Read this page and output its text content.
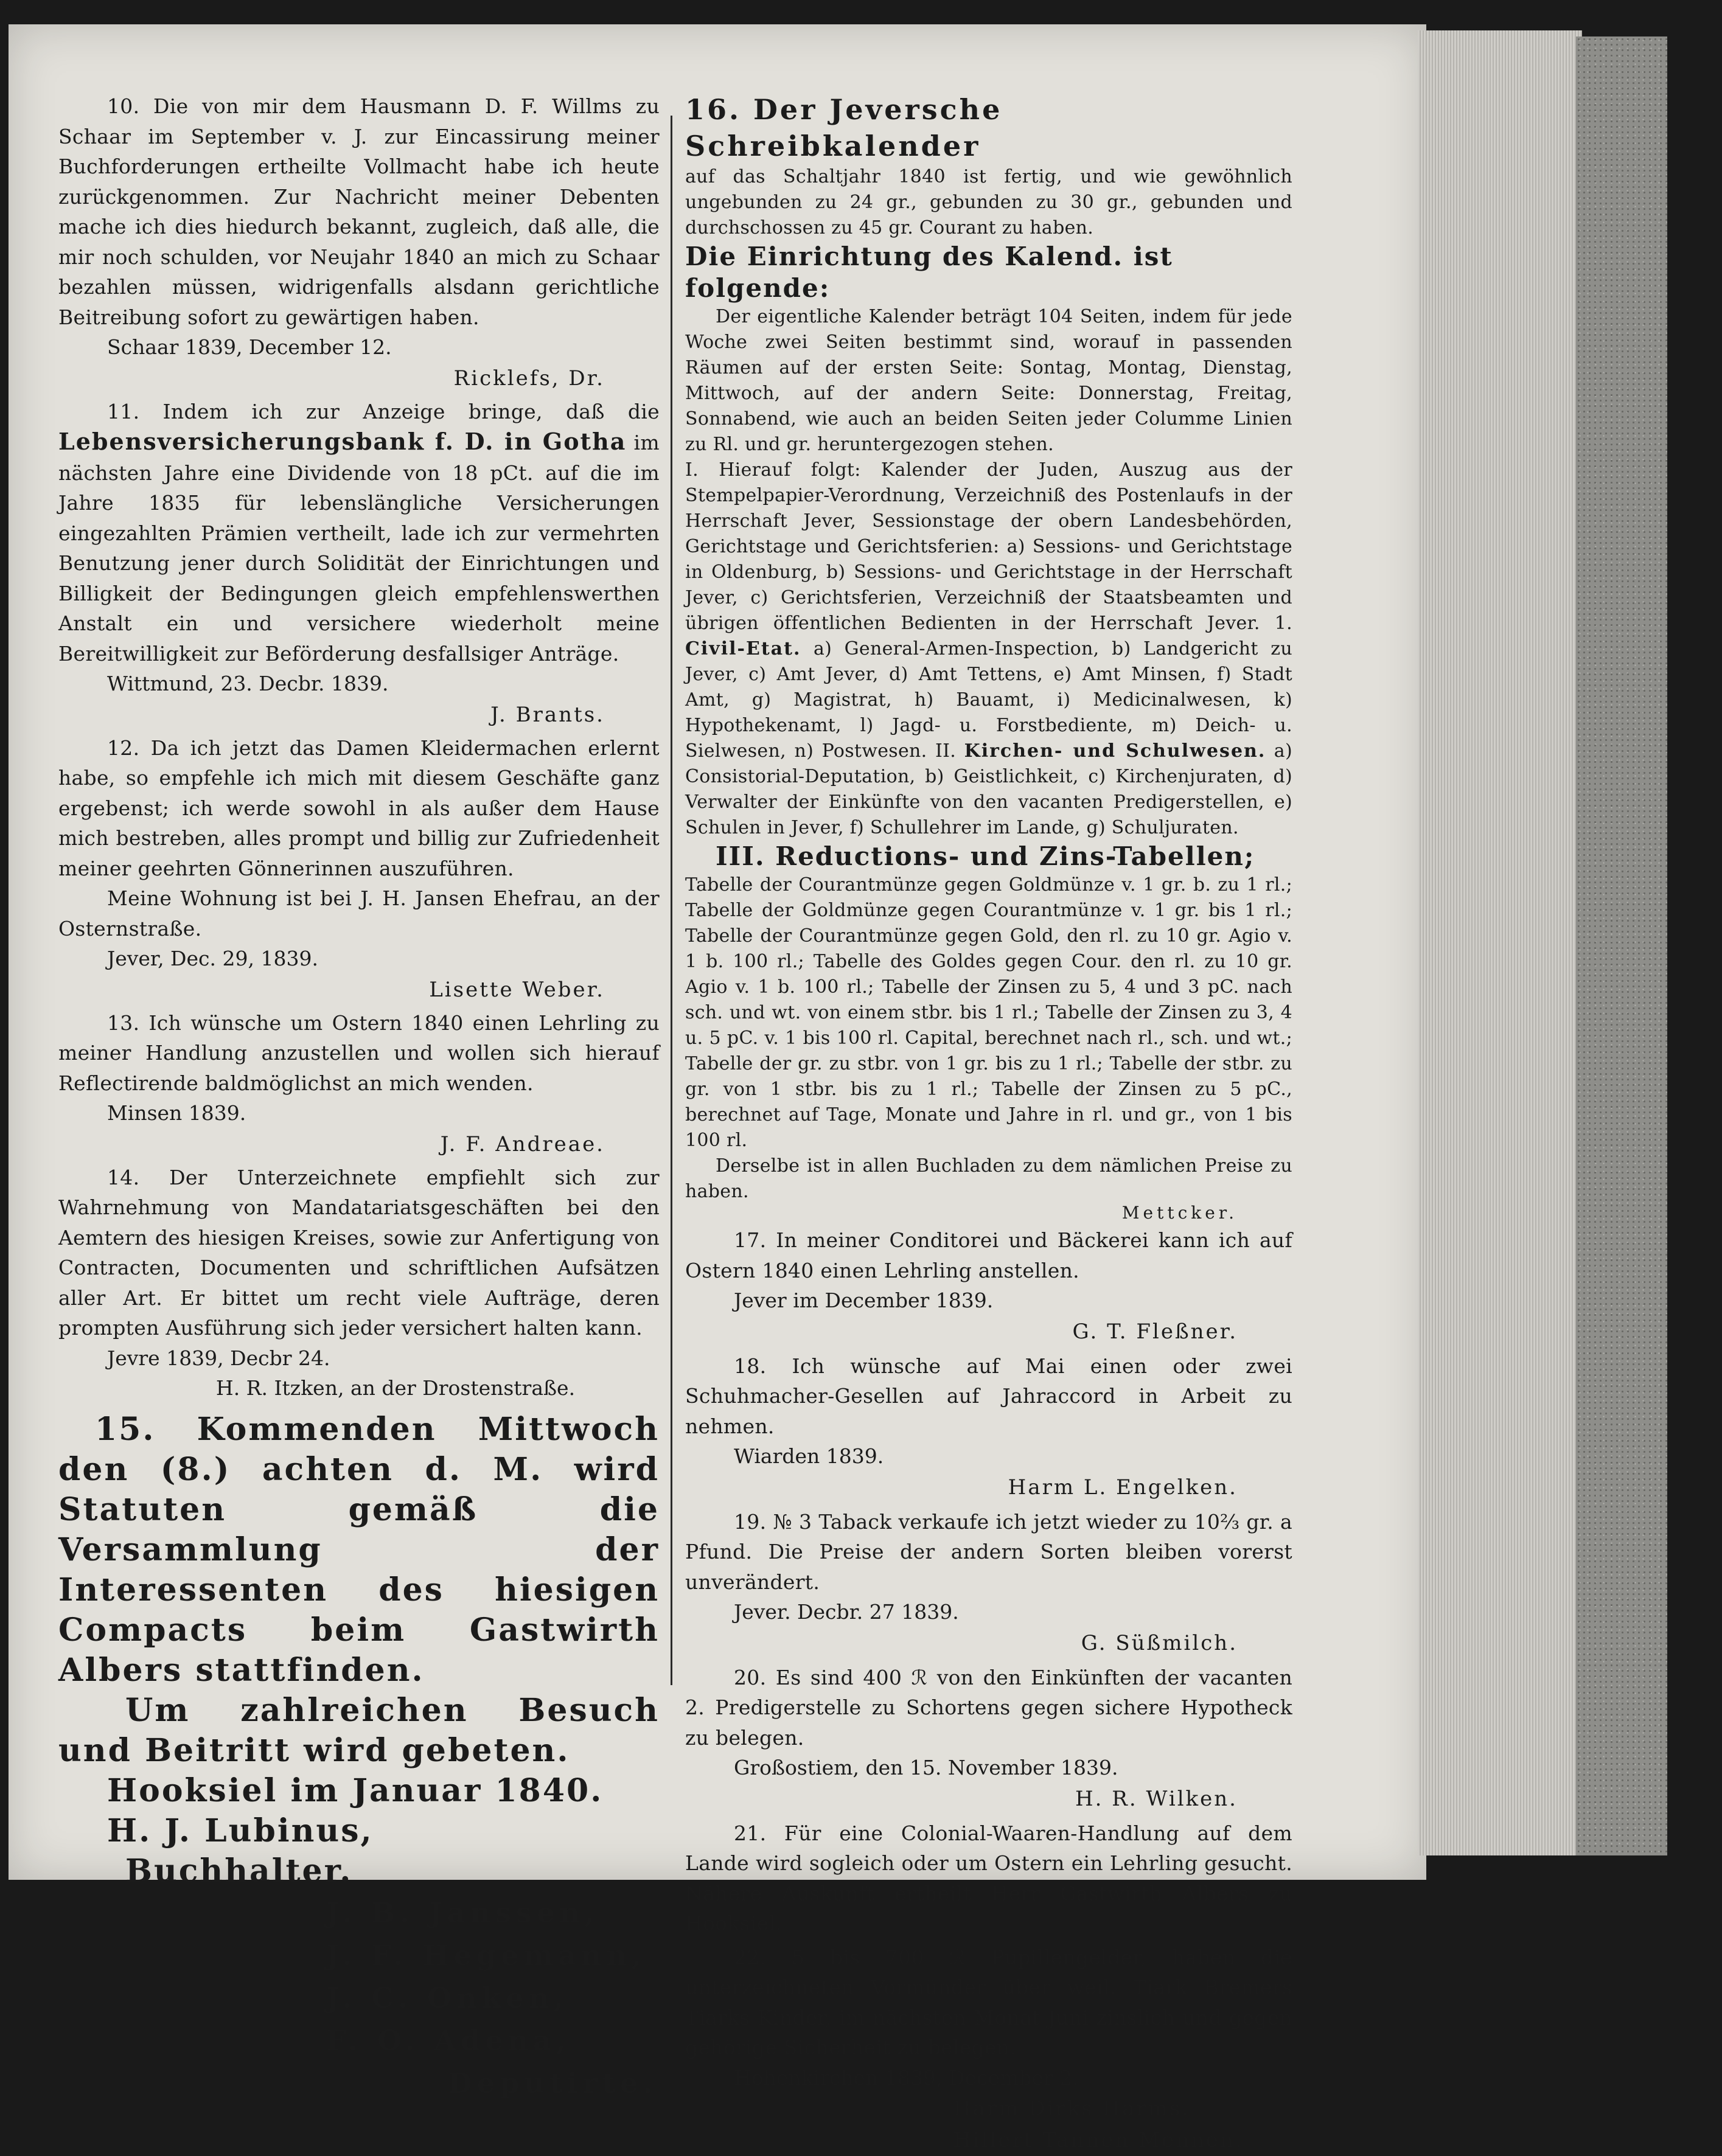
10. Die von mir dem Hausmann D. F. Willms zu Schaar im September v. J. zur Eincassirung meiner Buchforderungen ertheilte Vollmacht habe ich heute zurückgenommen. Zur Nachricht meiner Debenten mache ich dies hiedurch bekannt, zugleich, daß alle, die mir noch schulden, vor Neujahr 1840 an mich zu Schaar bezahlen müssen, widrigenfalls alsdann gerichtliche Beitreibung sofort zu gewärtigen haben.

Schaar 1839, December 12.

Ricklefs, Dr.

11. Indem ich zur Anzeige bringe, daß die Lebensversicherungsbank f. D. in Gotha im nächsten Jahre eine Dividende von 18 pCt. auf die im Jahre 1835 für lebenslängliche Versicherungen eingezahlten Prämien vertheilt, lade ich zur vermehrten Benutzung jener durch Solidität der Einrichtungen und Billigkeit der Bedingungen gleich empfehlenswerthen Anstalt ein und versichere wiederholt meine Bereitwilligkeit zur Beförderung desfallsiger Anträge.

Wittmund, 23. Decbr. 1839.

J. Brants.

12. Da ich jetzt das Damen Kleidermachen erlernt habe, so empfehle ich mich mit diesem Geschäfte ganz ergebenst; ich werde sowohl in als außer dem Hause mich bestreben, alles prompt und billig zur Zufriedenheit meiner geehrten Gönnerinnen auszuführen.

Meine Wohnung ist bei J. H. Jansen Ehefrau, an der Osternstraße.

Jever, Dec. 29, 1839.

Lisette Weber.

13. Ich wünsche um Ostern 1840 einen Lehrling zu meiner Handlung anzustellen und wollen sich hierauf Reflectirende baldmöglichst an mich wenden.

Minsen 1839.

J. F. Andreae.

14. Der Unterzeichnete empfiehlt sich zur Wahrnehmung von Mandatariatsgeschäften bei den Aemtern des hiesigen Kreises, sowie zur Anfertigung von Contracten, Documenten und schriftlichen Aufsätzen aller Art. Er bittet um recht viele Aufträge, deren prompten Ausführung sich jeder versichert halten kann.

Jevre 1839, Decbr 24.

H. R. Itzken, an der Drostenstraße.

15. Kommenden Mittwoch den (8.) achten d. M. wird Statuten gemäß die Versammlung der Interessenten des hiesigen Compacts beim Gastwirth Albers stattfinden.

Um zahlreichen Besuch und Beitritt wird gebeten.

Hooksiel im Januar 1840.

H. J. Lubinus,

Buchhalter.

J. B. Janssen,

J. F. Hegemann,

J. C. Onken,

F. O. Adena,

Deputirte.

16. Der Jeversche Schreibkalender

auf das Schaltjahr 1840 ist fertig, und wie gewöhnlich ungebunden zu 24 gr., gebunden zu 30 gr., gebunden und durchschossen zu 45 gr. Courant zu haben.

Die Einrichtung des Kalend. ist folgende:

Der eigentliche Kalender beträgt 104 Seiten, indem für jede Woche zwei Seiten bestimmt sind, worauf in passenden Räumen auf der ersten Seite: Sontag, Montag, Dienstag, Mittwoch, auf der andern Seite: Donnerstag, Freitag, Sonnabend, wie auch an beiden Seiten jeder Columme Linien zu Rl. und gr. heruntergezogen stehen.

I. Hierauf folgt: Kalender der Juden, Auszug aus der Stempelpapier-Verordnung, Verzeichniß des Postenlaufs in der Herrschaft Jever, Sessionstage der obern Landesbehörden, Gerichtstage und Gerichtsferien: a) Sessions- und Gerichtstage in Oldenburg, b) Sessions- und Gerichtstage in der Herrschaft Jever, c) Gerichtsferien, Verzeichniß der Staatsbeamten und übrigen öffentlichen Bedienten in der Herrschaft Jever. 1. Civil-Etat. a) General-Armen-Inspection, b) Landgericht zu Jever, c) Amt Jever, d) Amt Tettens, e) Amt Minsen, f) Stadt Amt, g) Magistrat, h) Bauamt, i) Medicinalwesen, k) Hypothekenamt, l) Jagd- u. Forstbediente, m) Deich- u. Sielwesen, n) Postwesen. II. Kirchen- und Schulwesen. a) Consistorial-Deputation, b) Geistlichkeit, c) Kirchenjuraten, d) Verwalter der Einkünfte von den vacanten Predigerstellen, e) Schulen in Jever, f) Schullehrer im Lande, g) Schuljuraten.

III. Reductions- und Zins-Tabellen;

Tabelle der Courantmünze gegen Goldmünze v. 1 gr. b. zu 1 rl.; Tabelle der Goldmünze gegen Courantmünze v. 1 gr. bis 1 rl.; Tabelle der Courantmünze gegen Gold, den rl. zu 10 gr. Agio v. 1 b. 100 rl.; Tabelle des Goldes gegen Cour. den rl. zu 10 gr. Agio v. 1 b. 100 rl.; Tabelle der Zinsen zu 5, 4 und 3 pC. nach sch. und wt. von einem stbr. bis 1 rl.; Tabelle der Zinsen zu 3, 4 u. 5 pC. v. 1 bis 100 rl. Capital, berechnet nach rl., sch. und wt.; Tabelle der gr. zu stbr. von 1 gr. bis zu 1 rl.; Tabelle der stbr. zu gr. von 1 stbr. bis zu 1 rl.; Tabelle der Zinsen zu 5 pC., berechnet auf Tage, Monate und Jahre in rl. und gr., von 1 bis 100 rl.

Derselbe ist in allen Buchladen zu dem nämlichen Preise zu haben.

Mettcker.

17. In meiner Conditorei und Bäckerei kann ich auf Ostern 1840 einen Lehrling anstellen.

Jever im December 1839.

G. T. Fleßner.

18. Ich wünsche auf Mai einen oder zwei Schuhmacher-Gesellen auf Jahraccord in Arbeit zu nehmen.

Wiarden 1839.

Harm L. Engelken.

19. № 3 Taback verkaufe ich jetzt wieder zu 10⅔ gr. a Pfund. Die Preise der andern Sorten bleiben vorerst unverändert.

Jever. Decbr. 27 1839.

G. Süßmilch.

20. Es sind 400 ℛ von den Einkünften der vacanten 2. Predigerstelle zu Schortens gegen sichere Hypotheck zu belegen.

Großostiem, den 15. November 1839.

H. R. Wilken.

21. Für eine Colonial-Waaren-Handlung auf dem Lande wird sogleich oder um Ostern ein Lehrling gesucht. Nähere Auskunft ertheilt Herr Gastwirth Albers zu Hooksiel.

22. 5 bis 700 ℛ Pupillengelder, haben die unterzeichneten Vormünder über weil. Tiark Bremers Tiarks Kinder, im nächsten Monat Juni zinslich und gegen gehörige Sicherheit zu belegen.

Hohenkirchen 1839, December 2.

Harm Dirks Harms.

Hillert Tannen Mennen.
